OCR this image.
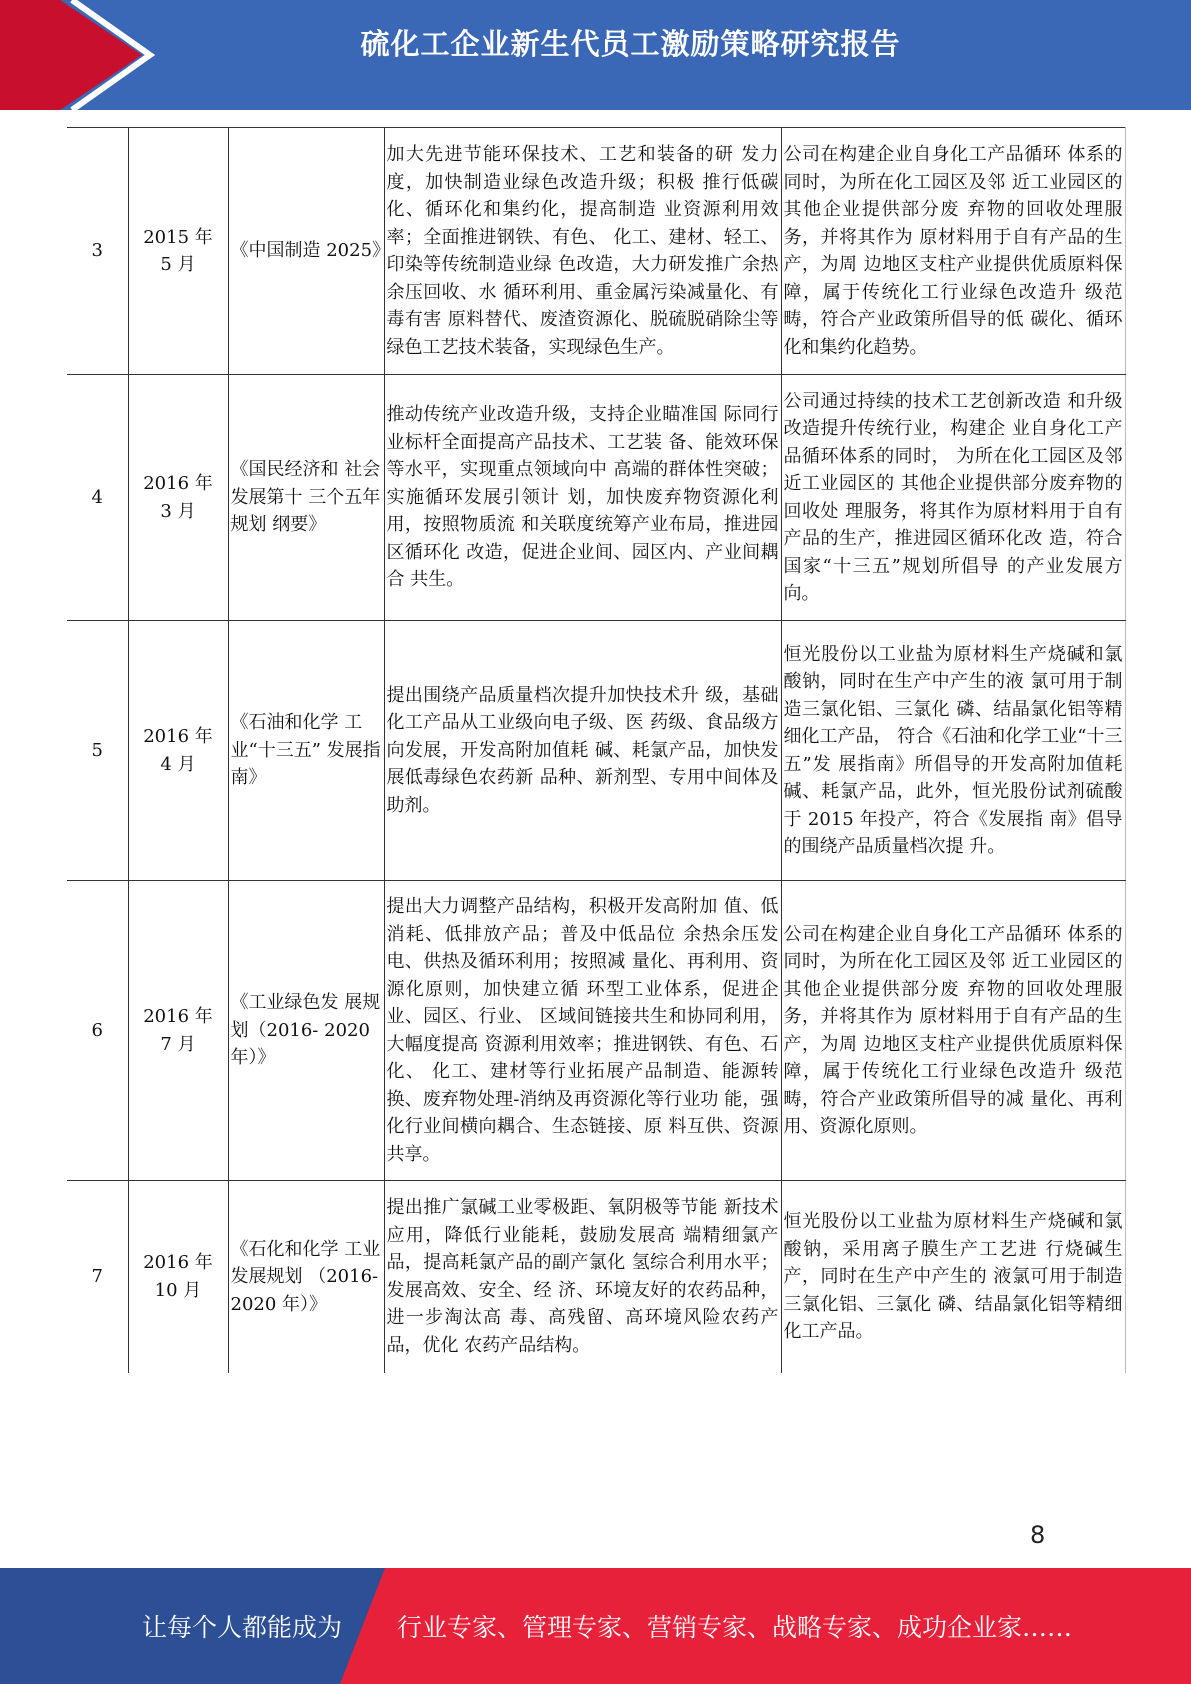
硫化工企业新生代员工激励策略研究报告
3	2015 年
5 月	《中国制造 2025》	加大先进节能环保技术、工艺和装备的研 发力度，加快制造业绿色改造升级；积极 推行低碳化、循环化和集约化，提高制造 业资源利用效率；全面推进钢铁、有色、 化工、建材、轻工、印染等传统制造业绿 色改造，大力研发推广余热余压回收、水 循环利用、重金属污染减量化、有毒有害 原料替代、废渣资源化、脱硫脱硝除尘等 绿色工艺技术装备，实现绿色生产。	公司在构建企业自身化工产品循环 体系的同时，为所在化工园区及邻 近工业园区的其他企业提供部分废 弃物的回收处理服务，并将其作为 原材料用于自有产品的生产，为周 边地区支柱产业提供优质原料保 障，属于传统化工行业绿色改造升 级范畴，符合产业政策所倡导的低 碳化、循环化和集约化趋势。
4	2016 年
3 月	《国民经济和 社会发展第十 三个五年规划 纲要》	推动传统产业改造升级，支持企业瞄准国 际同行业标杆全面提高产品技术、工艺装 备、能效环保等水平，实现重点领域向中 高端的群体性突破；实施循环发展引领计 划，加快废弃物资源化利用，按照物质流 和关联度统筹产业布局，推进园区循环化 改造，促进企业间、园区内、产业间耦合 共生。	公司通过持续的技术工艺创新改造 和升级改造提升传统行业，构建企 业自身化工产品循环体系的同时， 为所在化工园区及邻近工业园区的 其他企业提供部分废弃物的回收处 理服务，将其作为原材料用于自有 产品的生产，推进园区循环化改 造，符合国家“十三五”规划所倡导 的产业发展方向。
5	2016 年
4 月	《石油和化学 工业“十三五” 发展指南》	提出围绕产品质量档次提升加快技术升 级，基础化工产品从工业级向电子级、医 药级、食品级方向发展，开发高附加值耗 碱、耗氯产品，加快发展低毒绿色农药新 品种、新剂型、专用中间体及助剂。	恒光股份以工业盐为原材料生产烧碱和氯酸钠，同时在生产中产生的液 氯可用于制造三氯化铝、三氯化 磷、结晶氯化铝等精细化工产品， 符合《石油和化学工业“十三五”发 展指南》所倡导的开发高附加值耗 碱、耗氯产品，此外，恒光股份试剂硫酸于 2015 年投产，符合《发展指 南》倡导的围绕产品质量档次提 升。
6	2016 年
7 月	《工业绿色发 展规划（2016- 2020 年）》	提出大力调整产品结构，积极开发高附加 值、低消耗、低排放产品；普及中低品位 余热余压发电、供热及循环利用；按照减 量化、再利用、资源化原则，加快建立循 环型工业体系，促进企业、园区、行业、 区域间链接共生和协同利用，大幅度提高 资源利用效率；推进钢铁、有色、石化、 化工、建材等行业拓展产品制造、能源转 换、废弃物处理-消纳及再资源化等行业功 能，强化行业间横向耦合、生态链接、原 料互供、资源共享。	公司在构建企业自身化工产品循环 体系的同时，为所在化工园区及邻 近工业园区的其他企业提供部分废 弃物的回收处理服务，并将其作为 原材料用于自有产品的生产，为周 边地区支柱产业提供优质原料保 障，属于传统化工行业绿色改造升 级范畴，符合产业政策所倡导的减 量化、再利用、资源化原则。
7	2016 年
10 月	《石化和化学 工业发展规划 （2016-2020 年）》	提出推广氯碱工业零极距、氧阴极等节能 新技术应用，降低行业能耗，鼓励发展高 端精细氯产品，提高耗氯产品的副产氯化 氢综合利用水平；发展高效、安全、经 济、环境友好的农药品种，进一步淘汰高 毒、高残留、高环境风险农药产品，优化 农药产品结构。	恒光股份以工业盐为原材料生产烧碱和氯酸钠，采用离子膜生产工艺进 行烧碱生产，同时在生产中产生的 液氯可用于制造三氯化铝、三氯化 磷、结晶氯化铝等精细化工产品。
8
让每个人都能成为 行业专家、管理专家、营销专家、战略专家、成功企业家……
